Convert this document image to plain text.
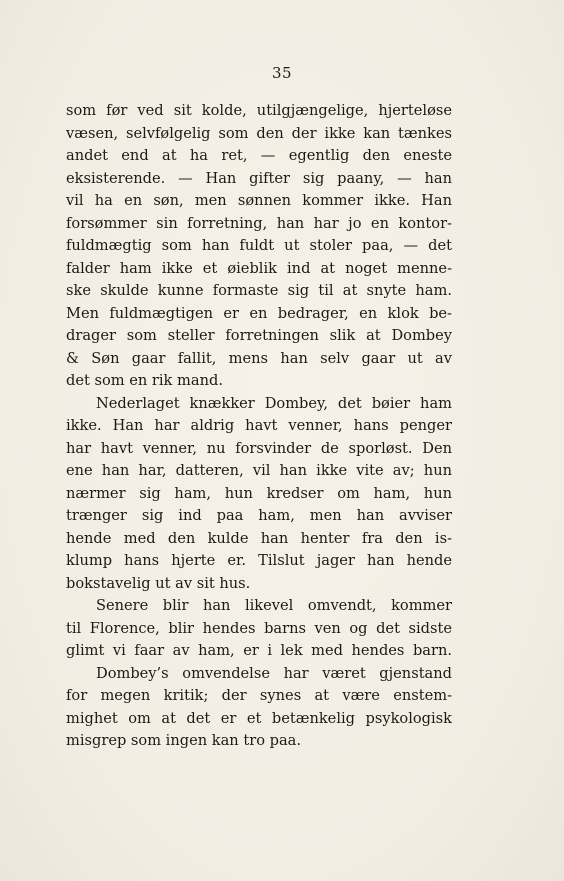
35
som før ved sit kolde, utilgjængelige, hjerteløse
væsen, selvfølgelig som den der ikke kan tænkes
andet end at ha ret, — egentlig den eneste
eksisterende. — Han gifter sig paany, — han
vil ha en søn, men sønnen kommer ikke. Han
forsømmer sin forretning, han har jo en kontor-
fuldmægtig som han fuldt ut stoler paa, — det
falder ham ikke et øieblik ind at noget menne-
ske skulde kunne formaste sig til at snyte ham.
Men fuldmægtigen er en bedrager, en klok be-
drager som steller forretningen slik at Dombey
& Søn gaar fallit, mens han selv gaar ut av
det som en rik mand.
Nederlaget knækker Dombey, det bøier ham
ikke. Han har aldrig havt venner, hans penger
har havt venner, nu forsvinder de sporløst. Den
ene han har, datteren, vil han ikke vite av; hun
nærmer sig ham, hun kredser om ham, hun
trænger sig ind paa ham, men han avviser
hende med den kulde han henter fra den is-
klump hans hjerte er. Tilslut jager han hende
bokstavelig ut av sit hus.
Senere blir han likevel omvendt, kommer
til Florence, blir hendes barns ven og det sidste
glimt vi faar av ham, er i lek med hendes barn.
Dombey’s omvendelse har været gjenstand
for megen kritik; der synes at være enstem-
mighet om at det er et betænkelig psykologisk
misgrep som ingen kan tro paa.
